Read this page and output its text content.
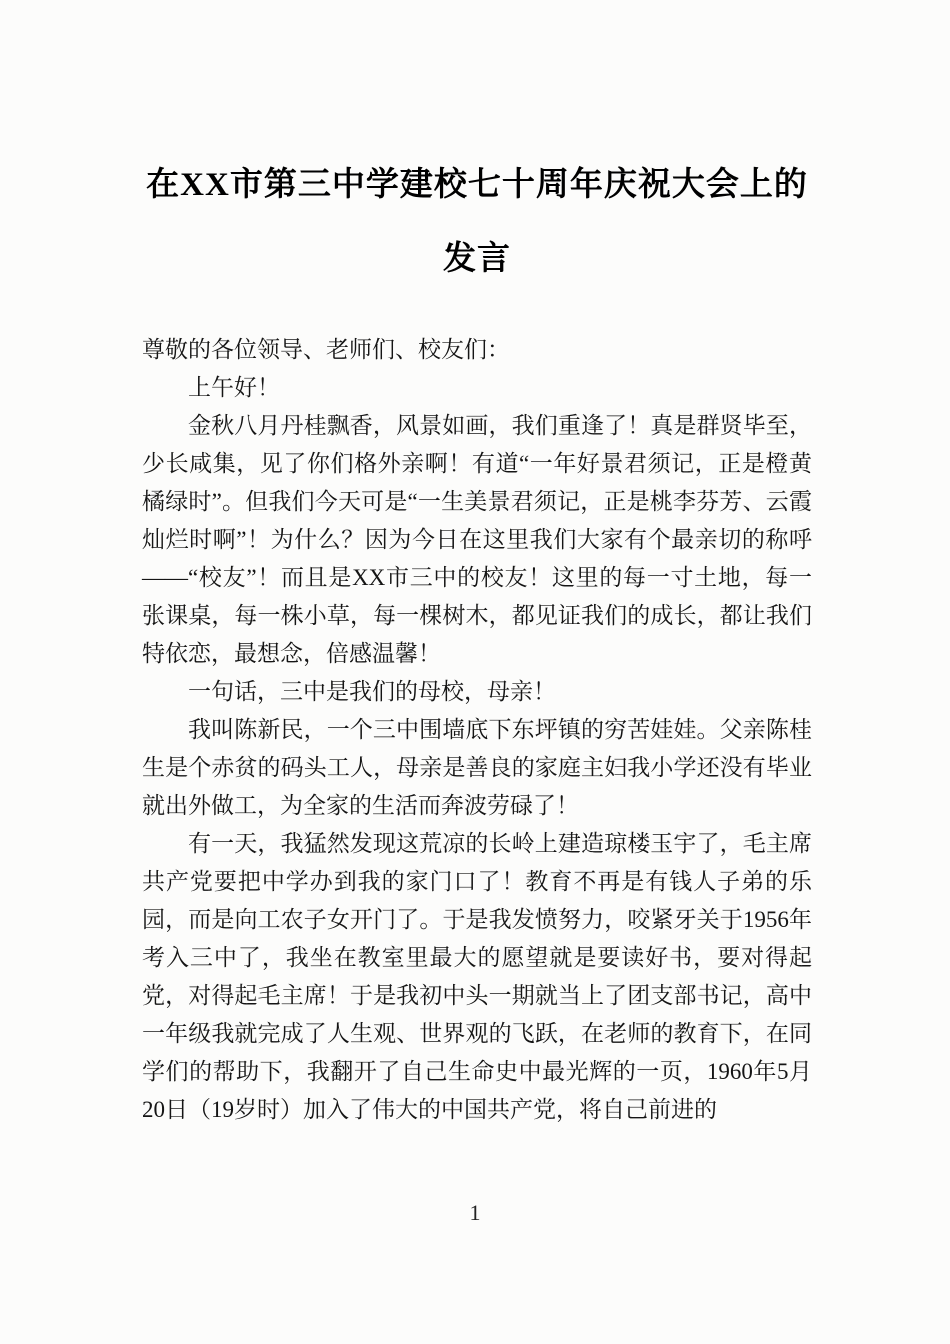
在XX市第三中学建校七十周年庆祝大会上的发言

尊敬的各位领导、老师们、校友们：

上午好！

金秋八月丹桂飘香，风景如画，我们重逢了！真是群贤毕至，少长咸集，见了你们格外亲啊！有道“一年好景君须记，正是橙黄橘绿时”。但我们今天可是“一生美景君须记，正是桃李芬芳、云霞灿烂时啊”！为什么？因为今日在这里我们大家有个最亲切的称呼——“校友”！而且是XX市三中的校友！这里的每一寸土地，每一张课桌，每一株小草，每一棵树木，都见证我们的成长，都让我们特依恋，最想念，倍感温馨！

一句话，三中是我们的母校，母亲！

我叫陈新民，一个三中围墙底下东坪镇的穷苦娃娃。父亲陈桂生是个赤贫的码头工人，母亲是善良的家庭主妇我小学还没有毕业就出外做工，为全家的生活而奔波劳碌了！

有一天，我猛然发现这荒凉的长岭上建造琼楼玉宇了，毛主席共产党要把中学办到我的家门口了！教育不再是有钱人子弟的乐园，而是向工农子女开门了。于是我发愤努力，咬紧牙关于1956年考入三中了，我坐在教室里最大的愿望就是要读好书，要对得起党，对得起毛主席！于是我初中头一期就当上了团支部书记，高中一年级我就完成了人生观、世界观的飞跃，在老师的教育下，在同学们的帮助下，我翻开了自己生命史中最光辉的一页，1960年5月20日（19岁时）加入了伟大的中国共产党，将自己前进的

1
